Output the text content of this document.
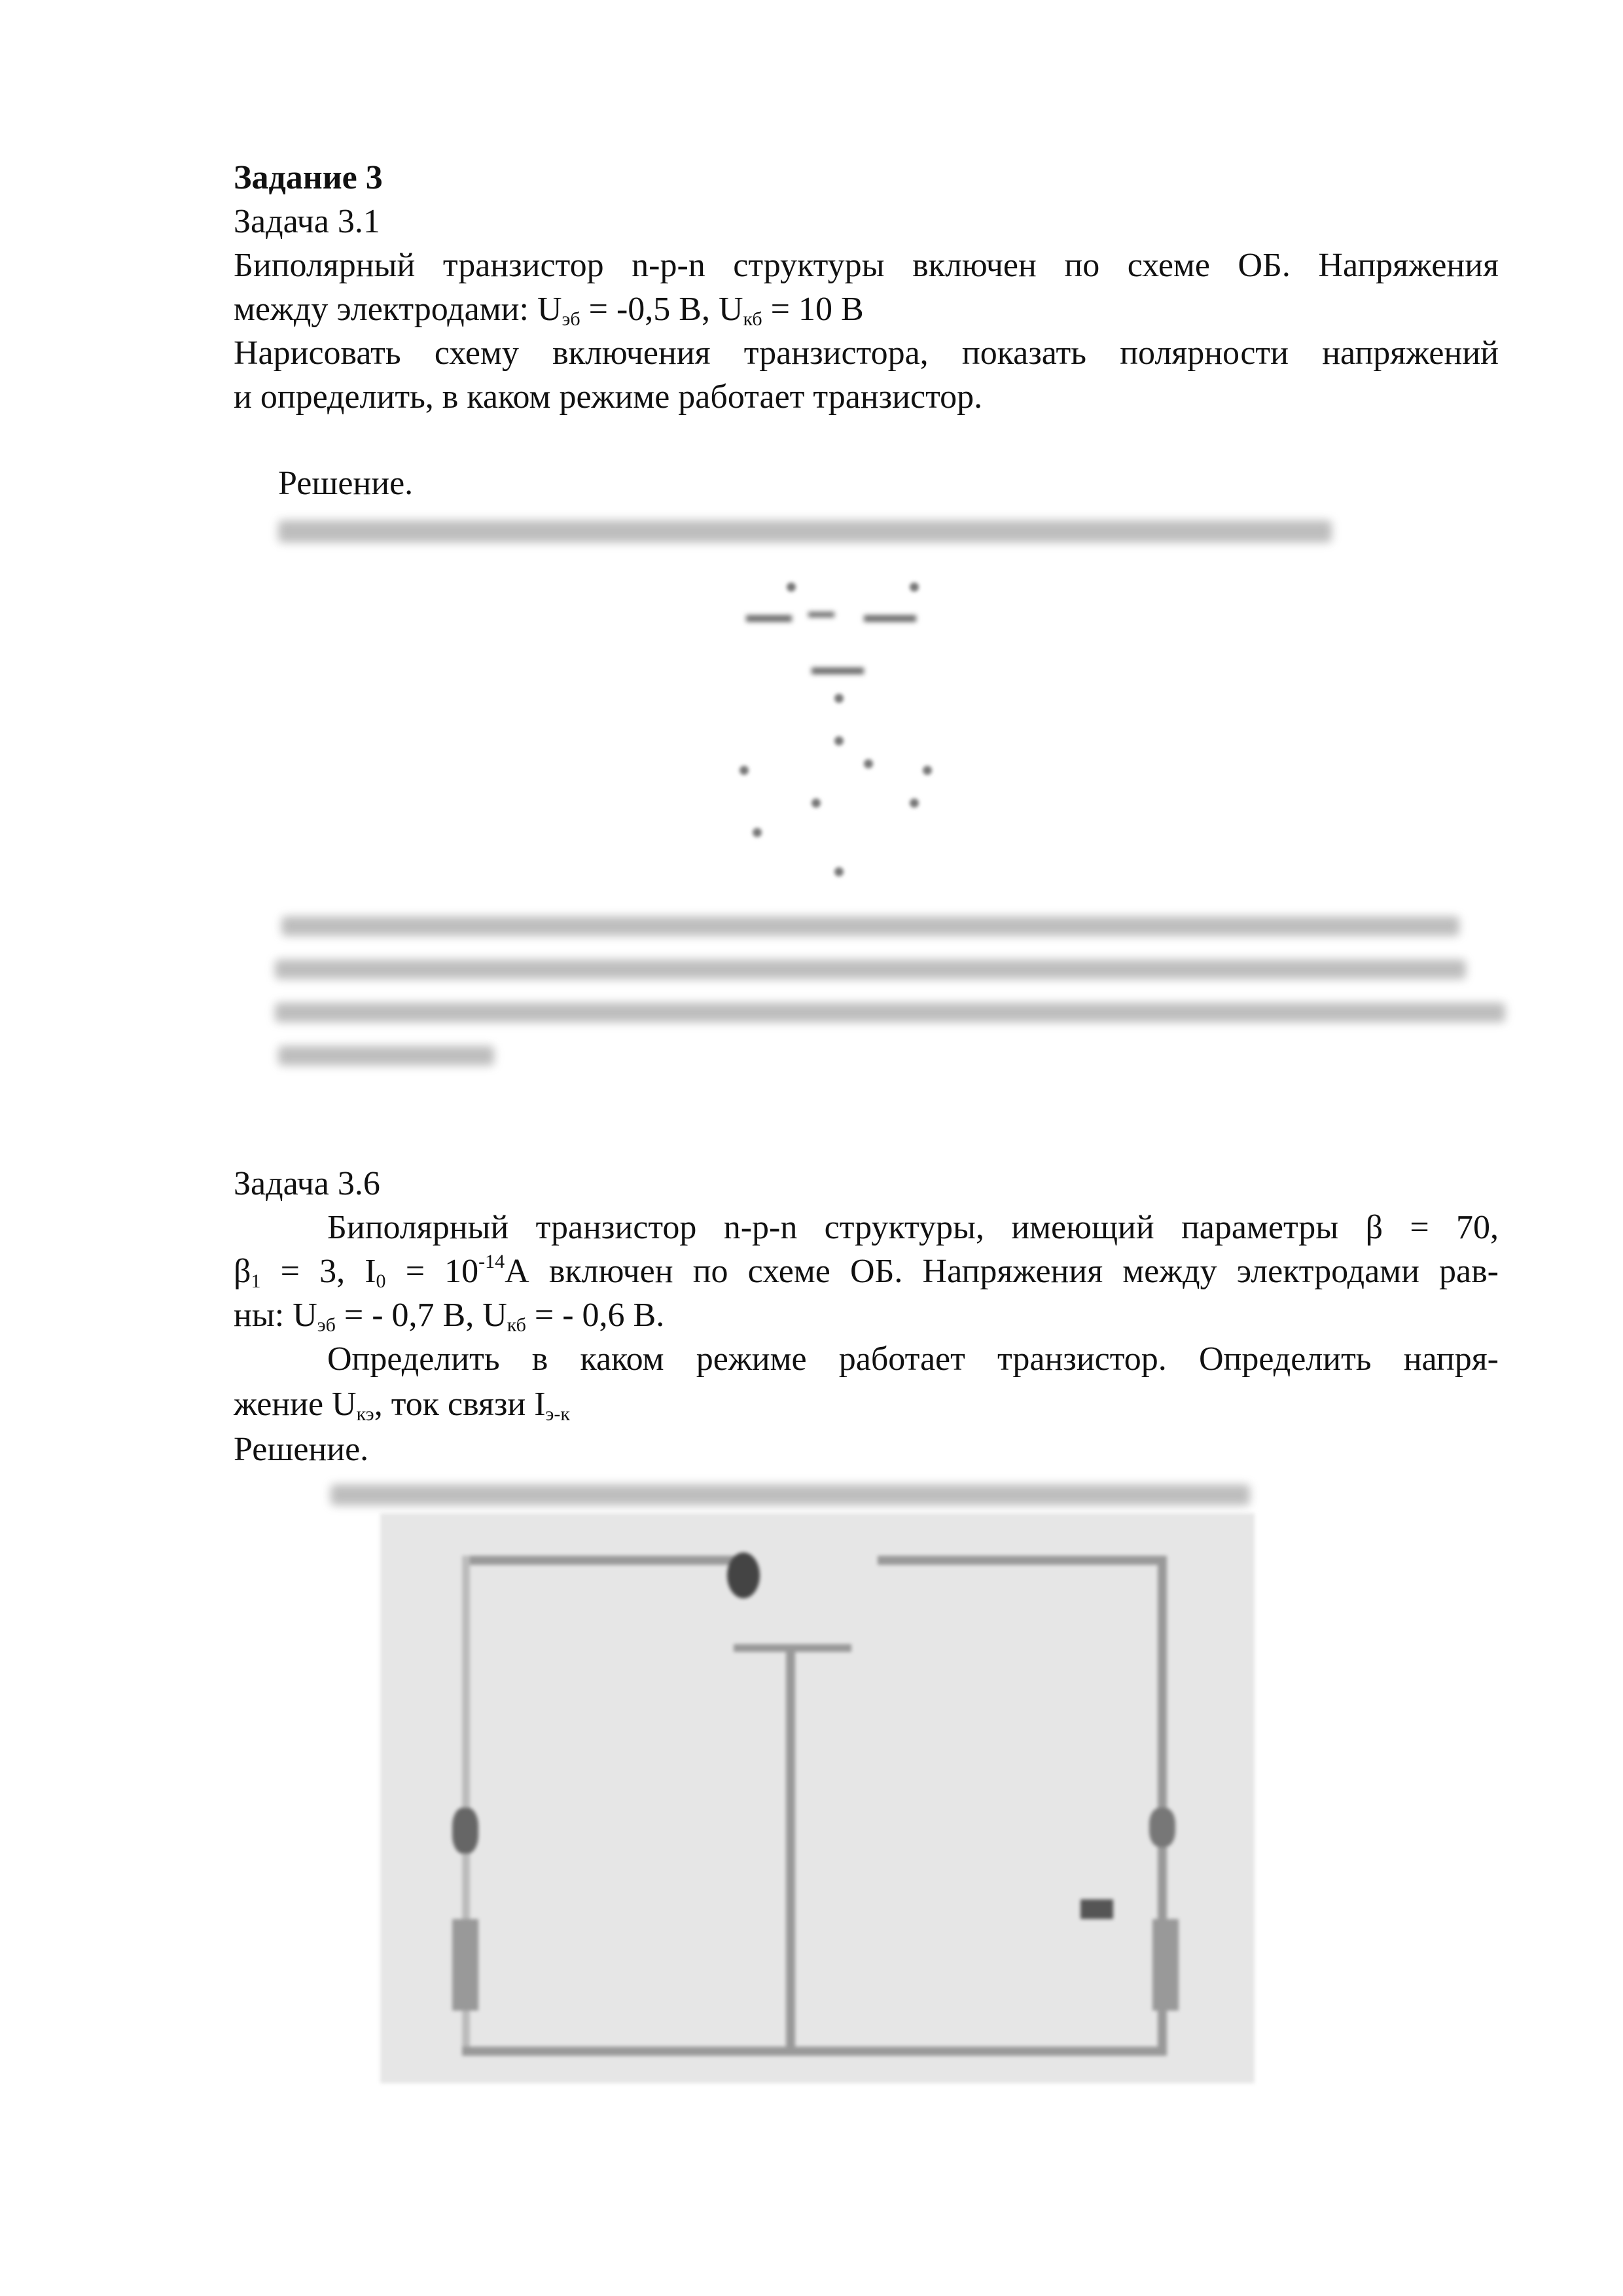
Задание 3
Задача 3.1
Биполярный транзистор n-p-n структуры включен по схеме ОБ. Напряжения
между электродами: $U_{эб} = -0,5$ В, $U_{кб} = 10$ В
Нарисовать схему включения транзистора, показать полярности напряжений
и определить, в каком режиме работает транзистор.
Решение.
Задача 3.6
Биполярный транзистор n-p-n структуры, имеющий параметры β = 70,
$\beta_1 = 3$, $I_0 = 10^{-14}А$ включен по схеме ОБ. Напряжения между электродами рав-
ны: $U_{эб}$ = - 0,7 В, $U_{кб}$ = - 0,6 В.
Определить в каком режиме работает транзистор. Определить напря-
жение $U_{кэ}$, ток связи $I_{э-к}$
Решение.
